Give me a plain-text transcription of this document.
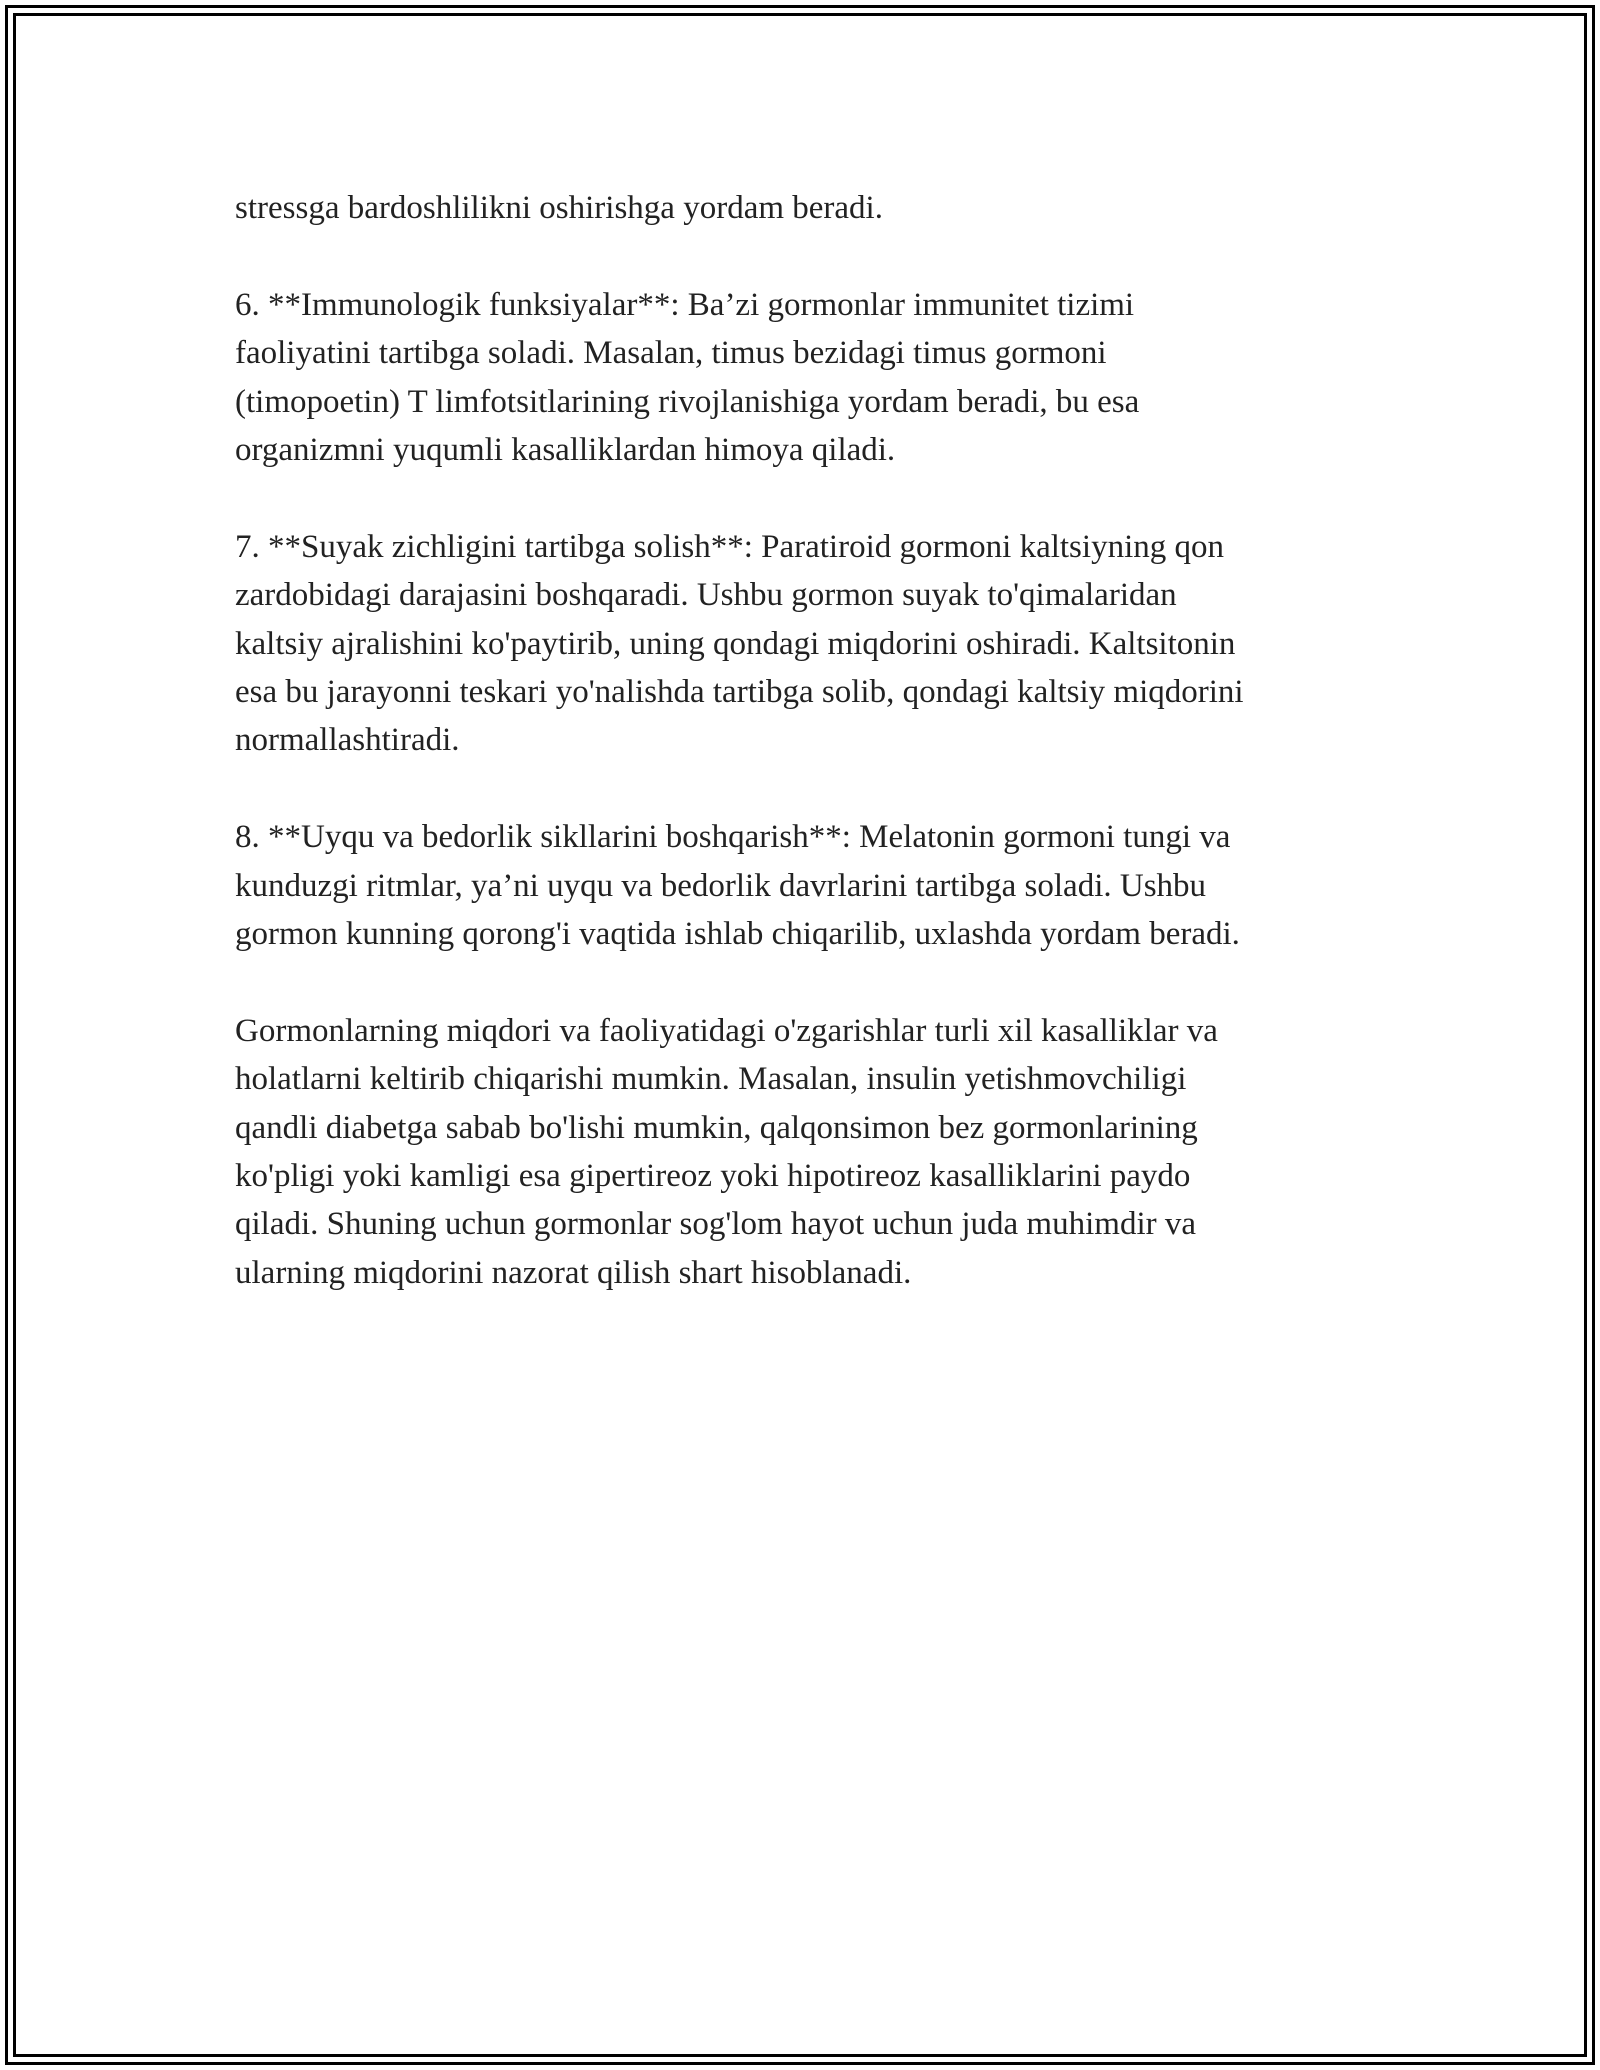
stressga bardoshlilikni oshirishga yordam beradi.

6. **Immunologik funksiyalar**: Ba’zi gormonlar immunitet tizimi
faoliyatini tartibga soladi. Masalan, timus bezidagi timus gormoni
(timopoetin) T limfotsitlarining rivojlanishiga yordam beradi, bu esa
organizmni yuqumli kasalliklardan himoya qiladi.

7. **Suyak zichligini tartibga solish**: Paratiroid gormoni kaltsiyning qon
zardobidagi darajasini boshqaradi. Ushbu gormon suyak to'qimalaridan
kaltsiy ajralishini ko'paytirib, uning qondagi miqdorini oshiradi. Kaltsitonin
esa bu jarayonni teskari yo'nalishda tartibga solib, qondagi kaltsiy miqdorini
normallashtiradi.

8. **Uyqu va bedorlik sikllarini boshqarish**: Melatonin gormoni tungi va
kunduzgi ritmlar, ya’ni uyqu va bedorlik davrlarini tartibga soladi. Ushbu
gormon kunning qorong'i vaqtida ishlab chiqarilib, uxlashda yordam beradi.

Gormonlarning miqdori va faoliyatidagi o'zgarishlar turli xil kasalliklar va
holatlarni keltirib chiqarishi mumkin. Masalan, insulin yetishmovchiligi
qandli diabetga sabab bo'lishi mumkin, qalqonsimon bez gormonlarining
ko'pligi yoki kamligi esa gipertireoz yoki hipotireoz kasalliklarini paydo
qiladi. Shuning uchun gormonlar sog'lom hayot uchun juda muhimdir va
ularning miqdorini nazorat qilish shart hisoblanadi.
